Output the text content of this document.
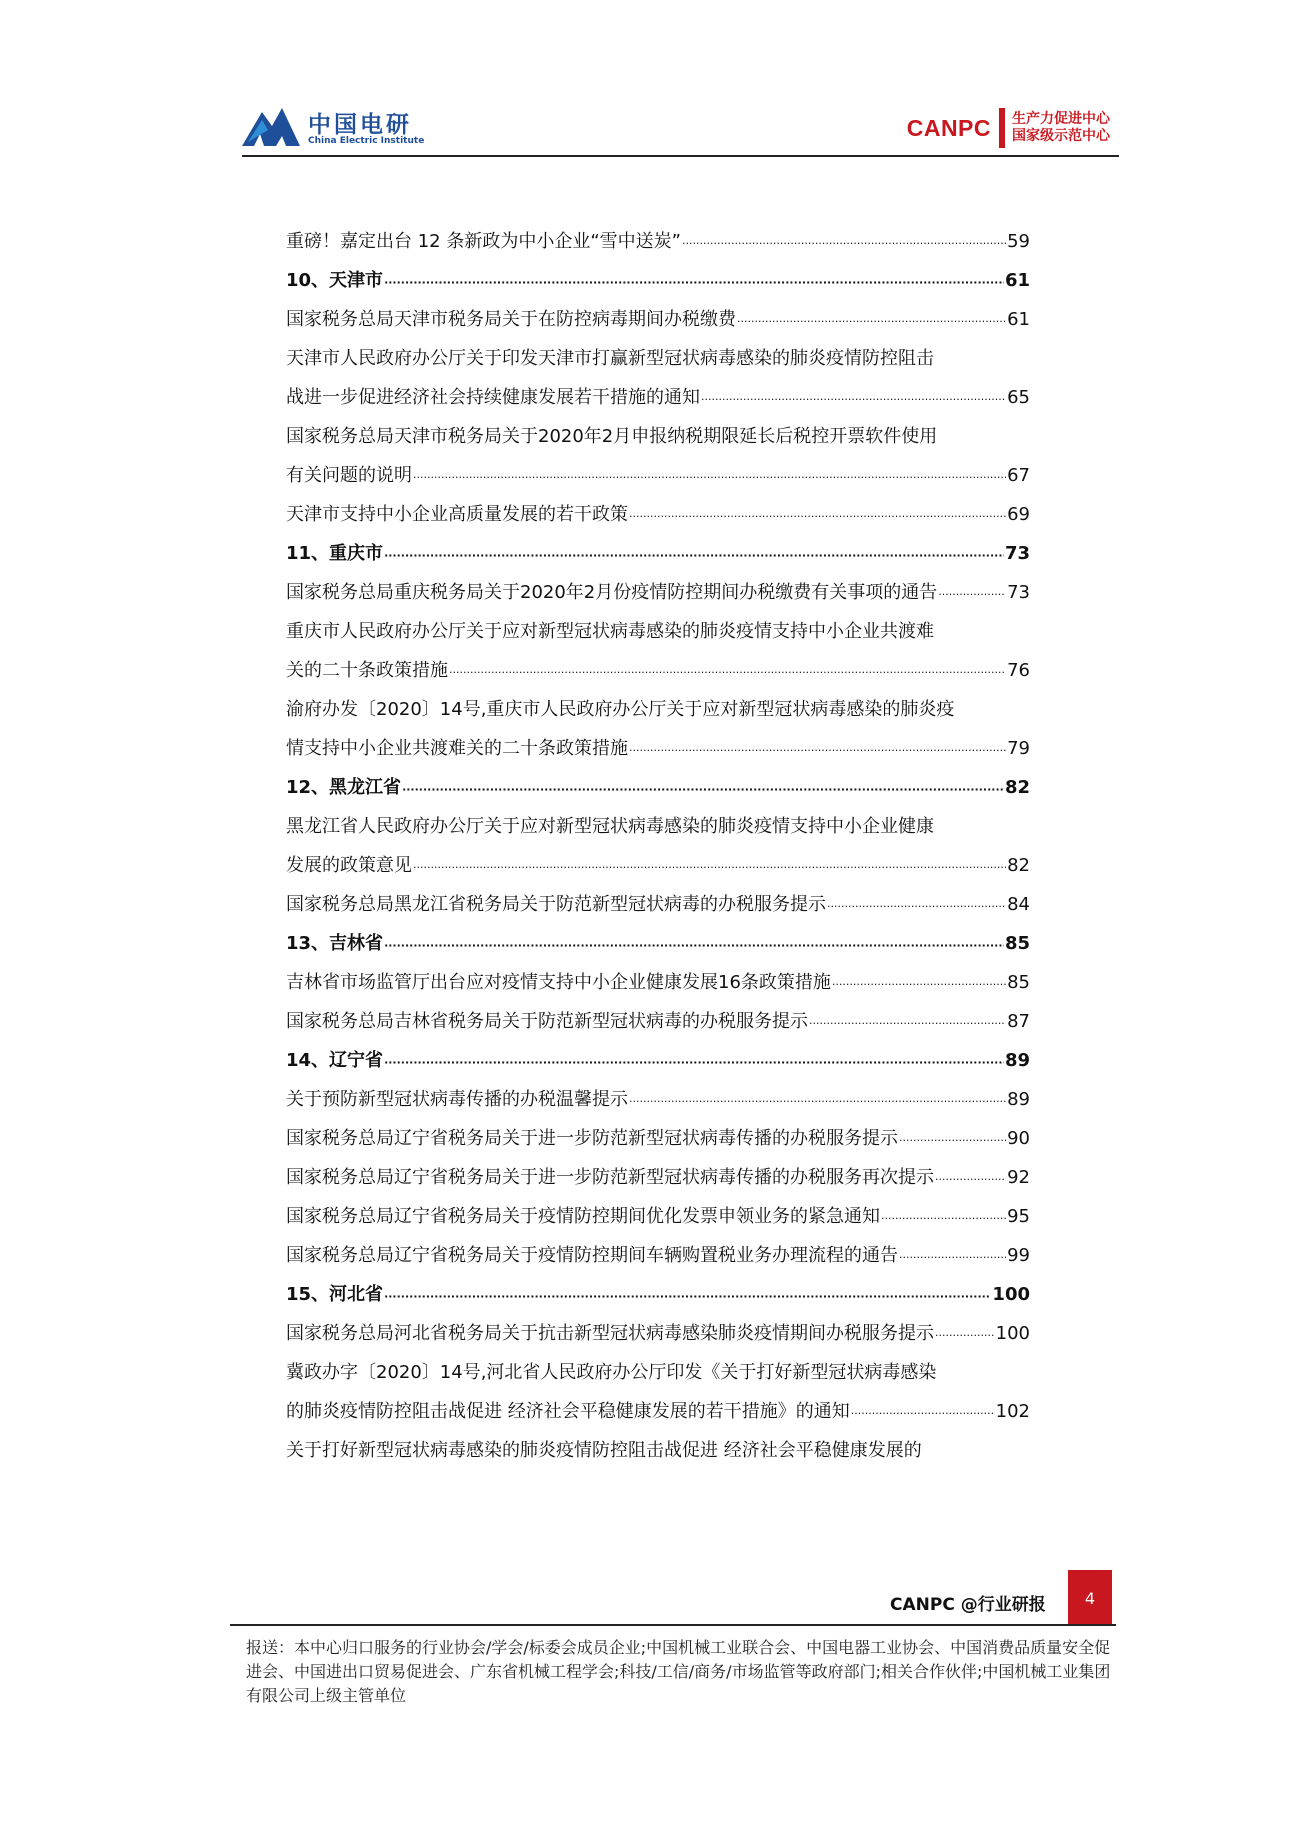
中国电研
China Electric Institute
CANPC 生产力促进中心
国家级示范中心
重磅！嘉定出台 12 条新政为中小企业“雪中送炭” ·····	59
10、天津市 ·····	61
国家税务总局天津市税务局关于在防控病毒期间办税缴费 ·····	61
天津市人民政府办公厅关于印发天津市打赢新型冠状病毒感染的肺炎疫情防控阻击
战进一步促进经济社会持续健康发展若干措施的通知 ·····	65
国家税务总局天津市税务局关于2020年2月申报纳税期限延长后税控开票软件使用
有关问题的说明 ·····	67
天津市支持中小企业高质量发展的若干政策 ·····	69
11、重庆市 ·····	73
国家税务总局重庆税务局关于2020年2月份疫情防控期间办税缴费有关事项的通告 ·····	73
重庆市人民政府办公厅关于应对新型冠状病毒感染的肺炎疫情支持中小企业共渡难
关的二十条政策措施 ·····	76
渝府办发〔2020〕14号,重庆市人民政府办公厅关于应对新型冠状病毒感染的肺炎疫
情支持中小企业共渡难关的二十条政策措施 ·····	79
12、黑龙江省 ·····	82
黑龙江省人民政府办公厅关于应对新型冠状病毒感染的肺炎疫情支持中小企业健康
发展的政策意见 ·····	82
国家税务总局黑龙江省税务局关于防范新型冠状病毒的办税服务提示 ·····	84
13、吉林省 ·····	85
吉林省市场监管厅出台应对疫情支持中小企业健康发展16条政策措施 ·····	85
国家税务总局吉林省税务局关于防范新型冠状病毒的办税服务提示 ·····	87
14、辽宁省 ·····	89
关于预防新型冠状病毒传播的办税温馨提示 ·····	89
国家税务总局辽宁省税务局关于进一步防范新型冠状病毒传播的办税服务提示 ·····	90
国家税务总局辽宁省税务局关于进一步防范新型冠状病毒传播的办税服务再次提示 ·····	92
国家税务总局辽宁省税务局关于疫情防控期间优化发票申领业务的紧急通知 ·····	95
国家税务总局辽宁省税务局关于疫情防控期间车辆购置税业务办理流程的通告 ·····	99
15、河北省 ·····	100
国家税务总局河北省税务局关于抗击新型冠状病毒感染肺炎疫情期间办税服务提示 ·····	100
冀政办字〔2020〕14号,河北省人民政府办公厅印发《关于打好新型冠状病毒感染
的肺炎疫情防控阻击战促进 经济社会平稳健康发展的若干措施》的通知 ·····	102
关于打好新型冠状病毒感染的肺炎疫情防控阻击战促进 经济社会平稳健康发展的
CANPC @行业研报	4
报送：本中心归口服务的行业协会/学会/标委会成员企业;中国机械工业联合会、中国电器工业协会、中国消费品质量安全促进会、中国进出口贸易促进会、广东省机械工程学会;科技/工信/商务/市场监管等政府部门;相关合作伙伴;中国机械工业集团有限公司上级主管单位
